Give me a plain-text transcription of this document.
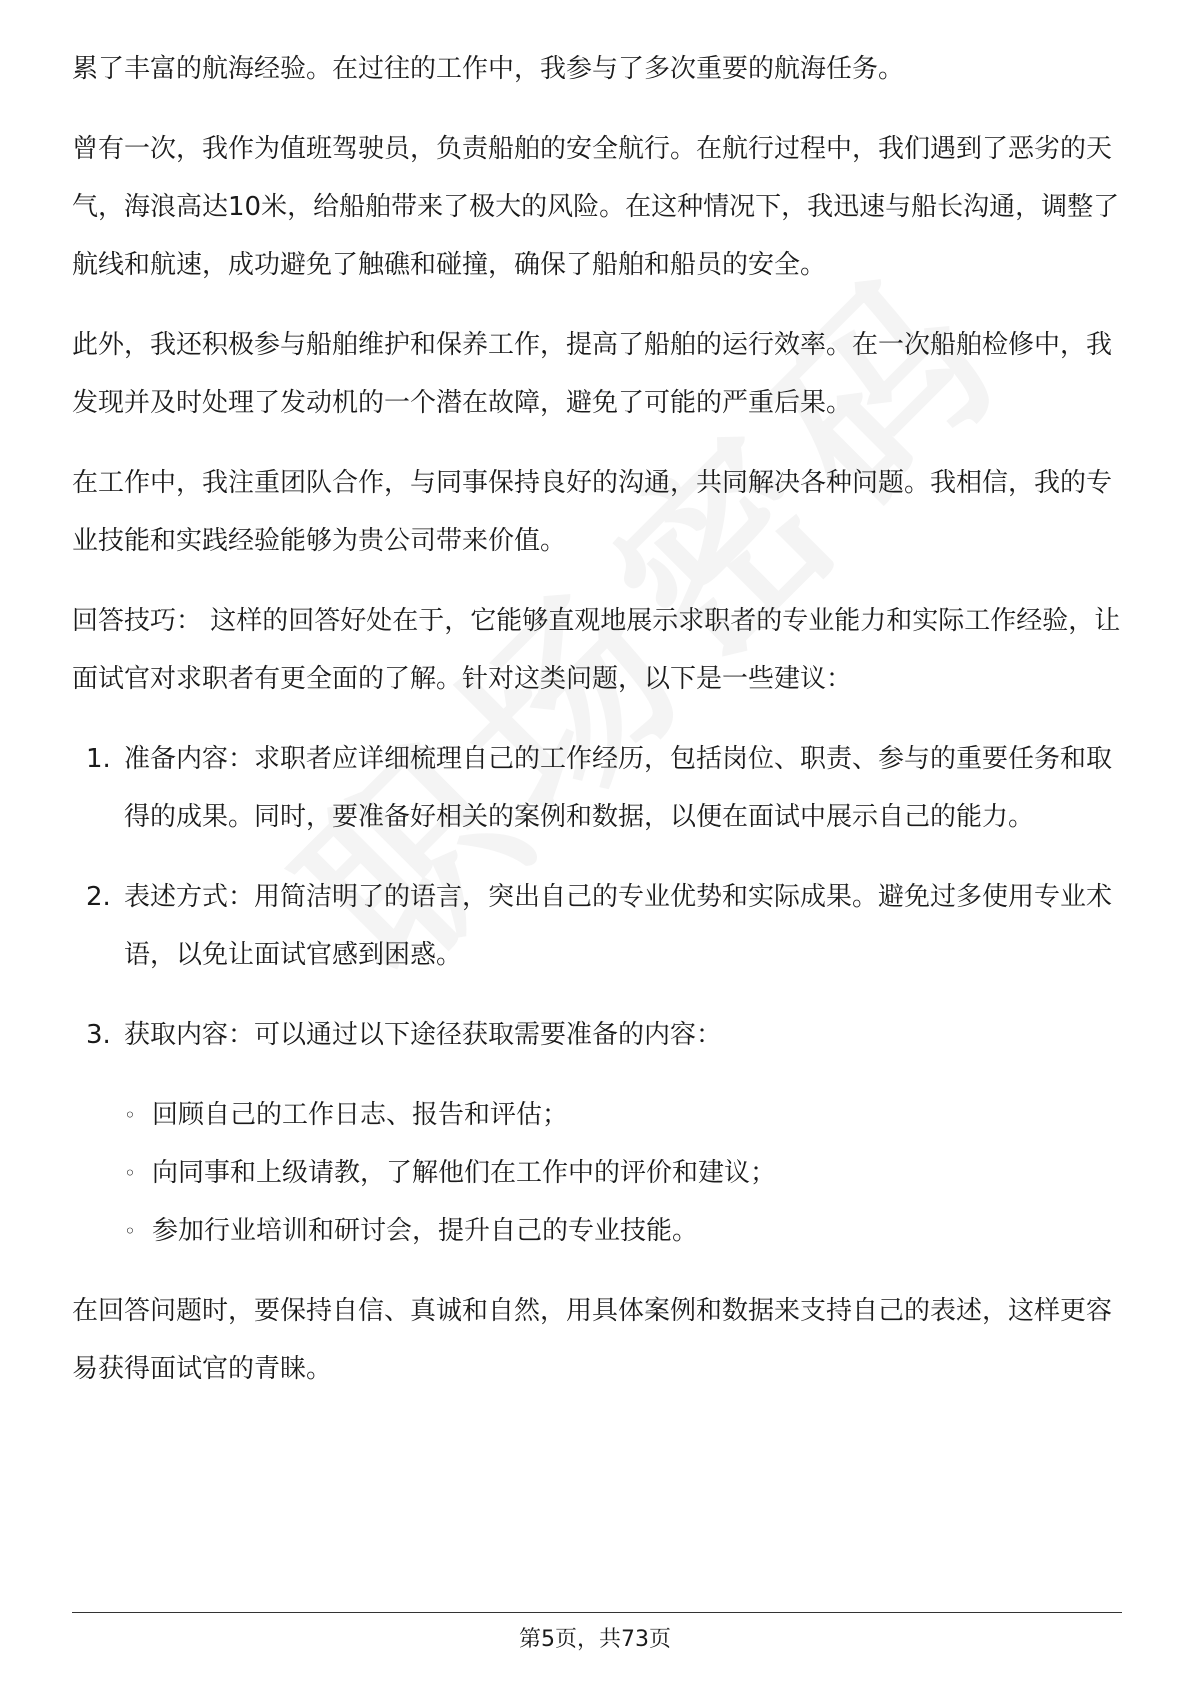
累了丰富的航海经验。在过往的工作中，我参与了多次重要的航海任务。

曾有一次，我作为值班驾驶员，负责船舶的安全航行。在航行过程中，我们遇到了恶劣的天气，海浪高达10米，给船舶带来了极大的风险。在这种情况下，我迅速与船长沟通，调整了航线和航速，成功避免了触礁和碰撞，确保了船舶和船员的安全。

此外，我还积极参与船舶维护和保养工作，提高了船舶的运行效率。在一次船舶检修中，我发现并及时处理了发动机的一个潜在故障，避免了可能的严重后果。

在工作中，我注重团队合作，与同事保持良好的沟通，共同解决各种问题。我相信，我的专业技能和实践经验能够为贵公司带来价值。

回答技巧： 这样的回答好处在于，它能够直观地展示求职者的专业能力和实际工作经验，让面试官对求职者有更全面的了解。针对这类问题，以下是一些建议：

1. 准备内容：求职者应详细梳理自己的工作经历，包括岗位、职责、参与的重要任务和取得的成果。同时，要准备好相关的案例和数据，以便在面试中展示自己的能力。
2. 表述方式：用简洁明了的语言，突出自己的专业优势和实际成果。避免过多使用专业术语，以免让面试官感到困惑。
3. 获取内容：可以通过以下途径获取需要准备的内容：
◦ 回顾自己的工作日志、报告和评估；
◦ 向同事和上级请教，了解他们在工作中的评价和建议；
◦ 参加行业培训和研讨会，提升自己的专业技能。

在回答问题时，要保持自信、真诚和自然，用具体案例和数据来支持自己的表述，这样更容易获得面试官的青睐。

第5页，共73页
